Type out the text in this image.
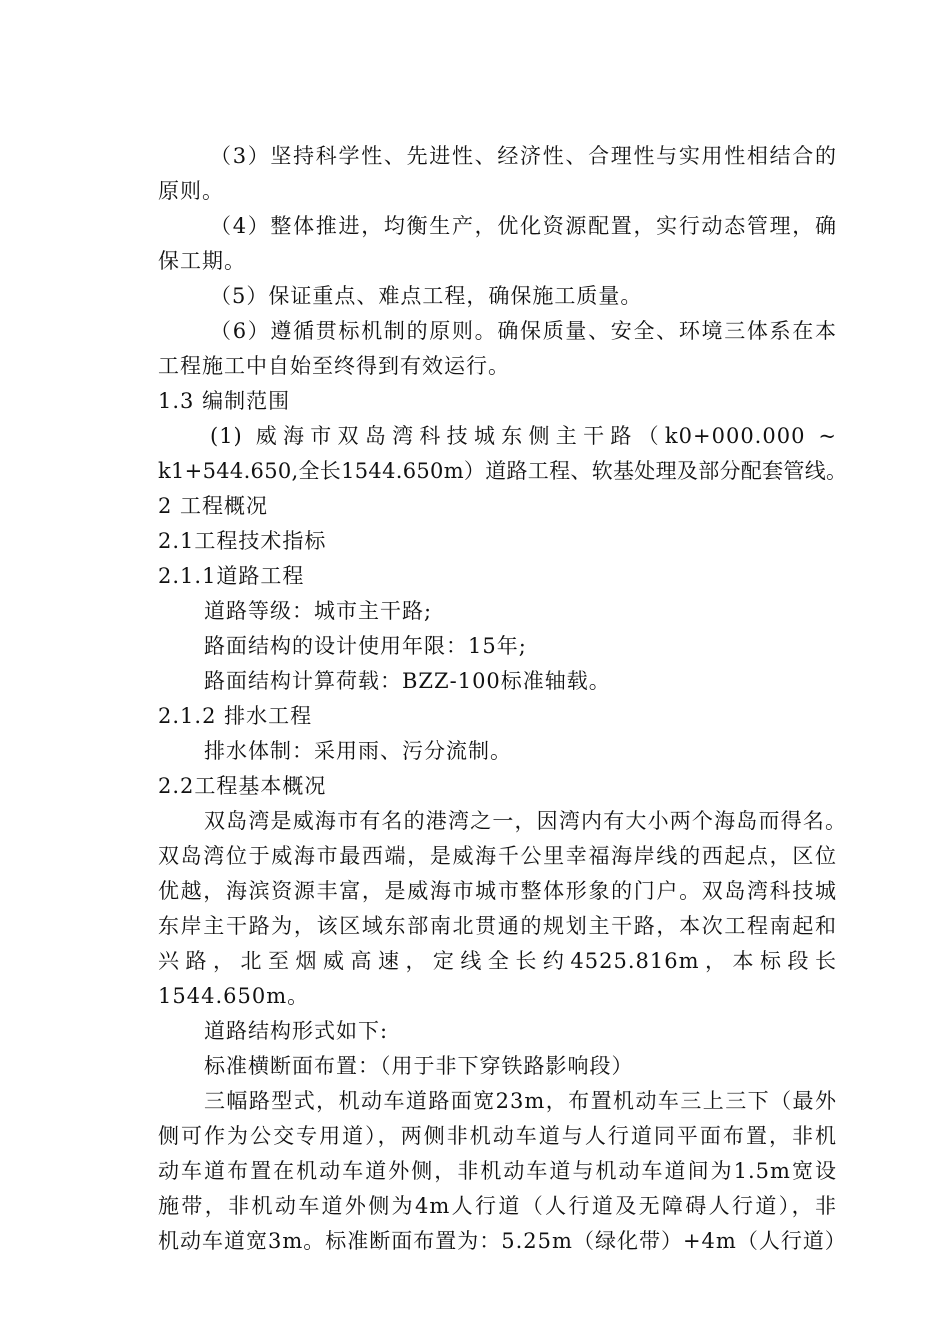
（3）坚持科学性、先进性、经济性、合理性与实用性相结合的
原则。
（4）整体推进，均衡生产，优化资源配置，实行动态管理，确
保工期。
（5）保证重点、难点工程，确保施工质量。
（6）遵循贯标机制的原则。确保质量、安全、环境三体系在本
工程施工中自始至终得到有效运行。
1.3 编制范围
(1) 威海市双岛湾科技城东侧主干路（k0+000.000 ~
k1+544.650,全长1544.650m）道路工程、软基处理及部分配套管线。
2 工程概况
2.1工程技术指标
2.1.1道路工程
道路等级：城市主干路;
路面结构的设计使用年限：15年;
路面结构计算荷载：BZZ-100标准轴载。
2.1.2 排水工程
排水体制：采用雨、污分流制。
2.2工程基本概况
双岛湾是威海市有名的港湾之一，因湾内有大小两个海岛而得名。
双岛湾位于威海市最西端，是威海千公里幸福海岸线的西起点，区位
优越，海滨资源丰富，是威海市城市整体形象的门户。双岛湾科技城
东岸主干路为，该区域东部南北贯通的规划主干路，本次工程南起和
兴路，北至烟威高速，定线全长约4525.816m，本标段长
1544.650m。
道路结构形式如下:
标准横断面布置：（用于非下穿铁路影响段）
三幅路型式，机动车道路面宽23m，布置机动车三上三下（最外
侧可作为公交专用道），两侧非机动车道与人行道同平面布置，非机
动车道布置在机动车道外侧，非机动车道与机动车道间为1.5m宽设
施带，非机动车道外侧为4m人行道（人行道及无障碍人行道），非
机动车道宽3m。标准断面布置为：5.25m（绿化带）+4m（人行道）
